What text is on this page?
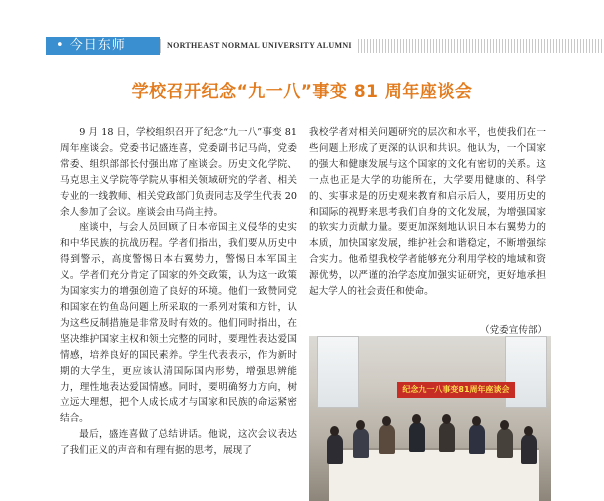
• 今日东师	NORTHEAST NORMAL UNIVERSITY ALUMNI
学校召开纪念“九一八”事变 81 周年座谈会

9 月 18 日，学校组织召开了纪念“九一八”事变 81 周年座谈会。党委书记盛连喜，党委副书记马尚，党委常委、组织部部长付强出席了座谈会。历史文化学院、马克思主义学院等学院从事相关领域研究的学者、相关专业的一线教师、相关党政部门负责同志及学生代表 20 余人参加了会议。座谈会由马尚主持。

座谈中，与会人员回顾了日本帝国主义侵华的史实和中华民族的抗战历程。学者们指出，我们要从历史中得到警示，高度警惕日本右翼势力，警惕日本军国主义。学者们充分肯定了国家的外交政策，认为这一政策为国家实力的增强创造了良好的环境。他们一致赞同党和国家在钓鱼岛问题上所采取的一系列对策和方针，认为这些反制措施是非常及时有效的。他们同时指出，在坚决维护国家主权和领土完整的同时，要理性表达爱国情感，培养良好的国民素养。学生代表表示，作为新时期的大学生，更应该认清国际国内形势，增强思辨能力，理性地表达爱国情感。同时，要明确努力方向，树立远大理想，把个人成长成才与国家和民族的命运紧密结合。

最后，盛连喜做了总结讲话。他说，这次会议表达了我们正义的声音和有理有据的思考，展现了

我校学者对相关问题研究的层次和水平，也使我们在一些问题上形成了更深的认识和共识。他认为，一个国家的强大和健康发展与这个国家的文化有密切的关系。这一点也正是大学的功能所在，大学要用健康的、科学的、实事求是的历史观来教育和启示后人，要用历史的和国际的视野来思考我们自身的文化发展，为增强国家的软实力贡献力量。要更加深刻地认识日本右翼势力的本质，加快国家发展，维护社会和谐稳定，不断增强综合实力。他希望我校学者能够充分利用学校的地域和资源优势，以严谨的治学态度加强实证研究，更好地承担起大学人的社会责任和使命。

（党委宣传部）
纪念九一八事变81周年座谈会
